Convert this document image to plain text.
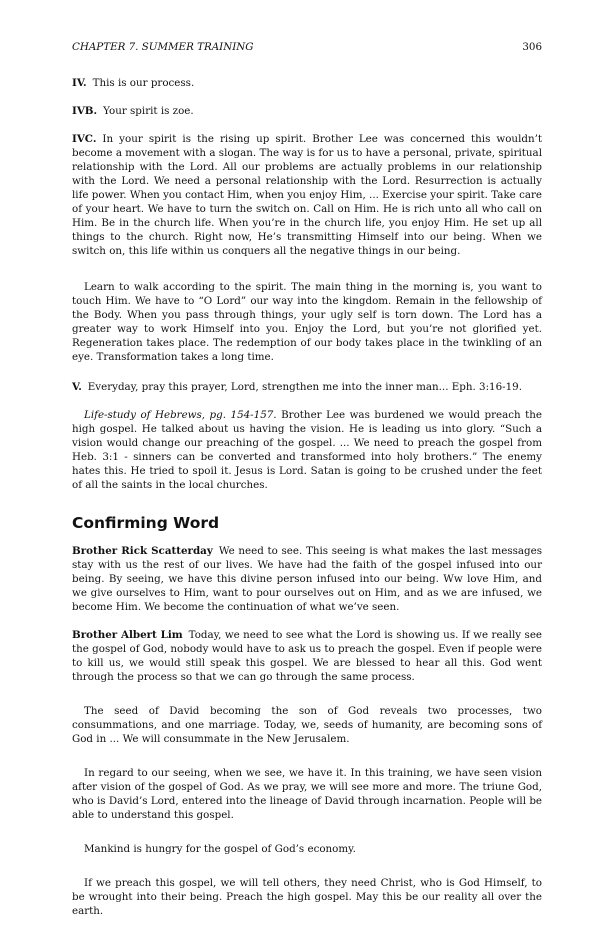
CHAPTER 7. SUMMER TRAINING	306

IV. This is our process.

IVB. Your spirit is zoe.

IVC. In your spirit is the rising up spirit. Brother Lee was concerned this wouldn’t become a movement with a slogan. The way is for us to have a personal, private, spiritual relationship with the Lord. All our problems are actually problems in our relationship with the Lord. We need a personal relationship with the Lord. Resurrection is actually life power. When you contact Him, when you enjoy Him, ... Exercise your spirit. Take care of your heart. We have to turn the switch on. Call on Him. He is rich unto all who call on Him. Be in the church life. When you’re in the church life, you enjoy Him. He set up all things to the church. Right now, He’s transmitting Himself into our being. When we switch on, this life within us conquers all the negative things in our being.

Learn to walk according to the spirit. The main thing in the morning is, you want to touch Him. We have to “O Lord” our way into the kingdom. Remain in the fellowship of the Body. When you pass through things, your ugly self is torn down. The Lord has a greater way to work Himself into you. Enjoy the Lord, but you’re not glorified yet. Regeneration takes place. The redemption of our body takes place in the twinkling of an eye. Transformation takes a long time.

V. Everyday, pray this prayer, Lord, strengthen me into the inner man... Eph. 3:16-19.

Life-study of Hebrews, pg. 154-157. Brother Lee was burdened we would preach the high gospel. He talked about us having the vision. He is leading us into glory. “Such a vision would change our preaching of the gospel. ... We need to preach the gospel from Heb. 3:1 - sinners can be converted and transformed into holy brothers.” The enemy hates this. He tried to spoil it. Jesus is Lord. Satan is going to be crushed under the feet of all the saints in the local churches.

Confirming Word

Brother Rick Scatterday We need to see. This seeing is what makes the last messages stay with us the rest of our lives. We have had the faith of the gospel infused into our being. By seeing, we have this divine person infused into our being. Ww love Him, and we give ourselves to Him, want to pour ourselves out on Him, and as we are infused, we become Him. We become the continuation of what we’ve seen.

Brother Albert Lim Today, we need to see what the Lord is showing us. If we really see the gospel of God, nobody would have to ask us to preach the gospel. Even if people were to kill us, we would still speak this gospel. We are blessed to hear all this. God went through the process so that we can go through the same process.

The seed of David becoming the son of God reveals two processes, two consummations, and one marriage. Today, we, seeds of humanity, are becoming sons of God in ... We will consummate in the New Jerusalem.

In regard to our seeing, when we see, we have it. In this training, we have seen vision after vision of the gospel of God. As we pray, we will see more and more. The triune God, who is David’s Lord, entered into the lineage of David through incarnation. People will be able to understand this gospel.

Mankind is hungry for the gospel of God’s economy.

If we preach this gospel, we will tell others, they need Christ, who is God Himself, to be wrought into their being. Preach the high gospel. May this be our reality all over the earth.
